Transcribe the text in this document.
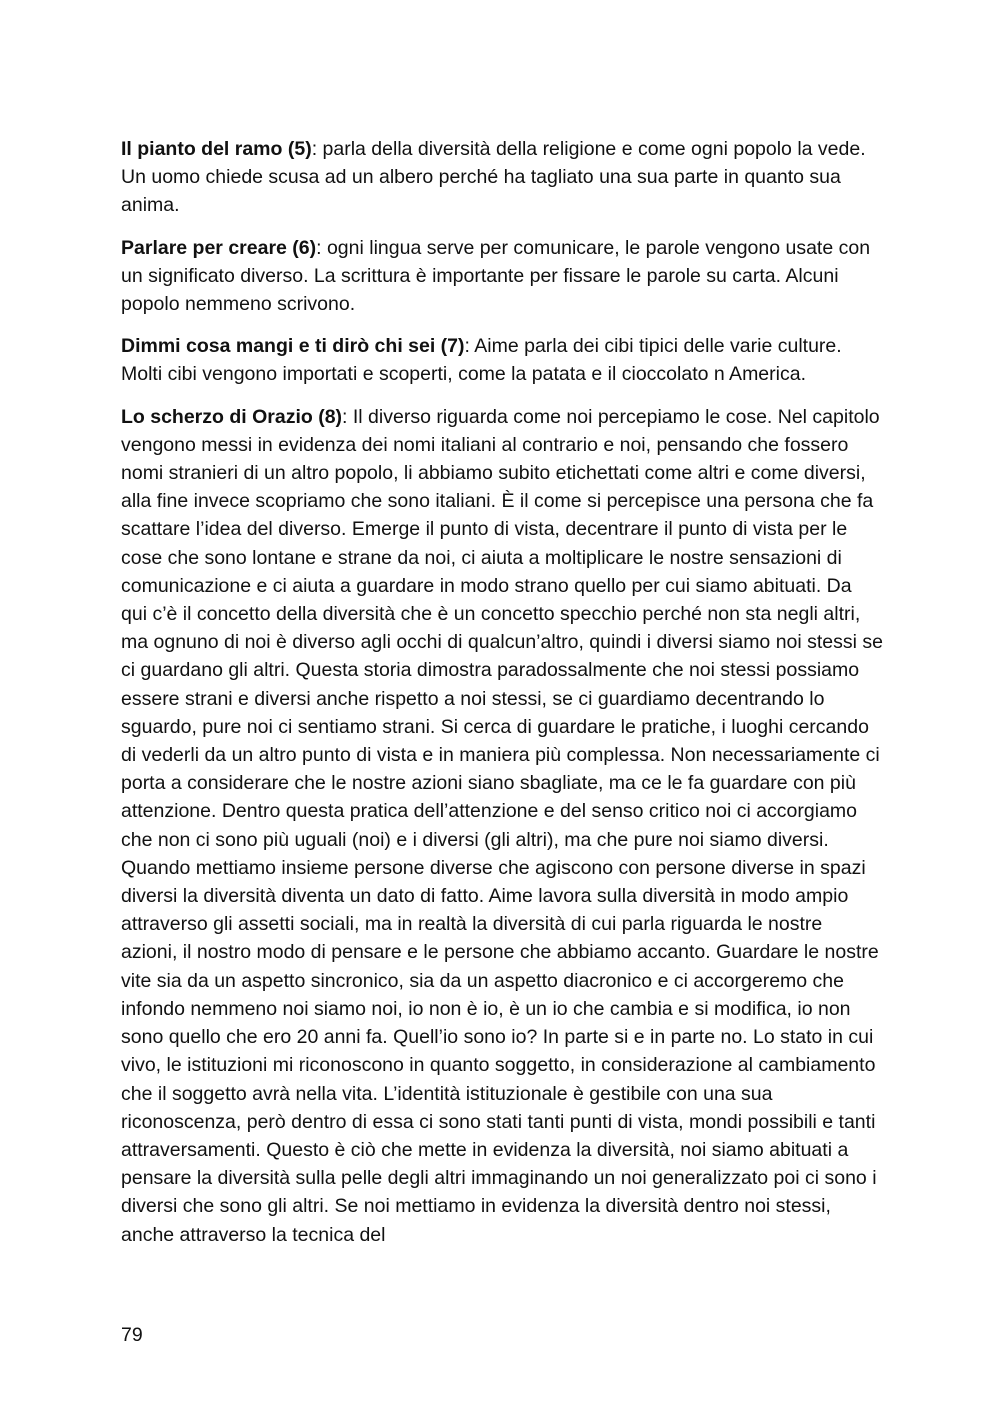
Il pianto del ramo (5): parla della diversità della religione e come ogni popolo la vede. Un uomo chiede scusa ad un albero perché ha tagliato una sua parte in quanto sua anima.

Parlare per creare (6): ogni lingua serve per comunicare, le parole vengono usate con un significato diverso. La scrittura è importante per fissare le parole su carta. Alcuni popolo nemmeno scrivono.

Dimmi cosa mangi e ti dirò chi sei (7): Aime parla dei cibi tipici delle varie culture. Molti cibi vengono importati e scoperti, come la patata e il cioccolato n America.

Lo scherzo di Orazio (8): Il diverso riguarda come noi percepiamo le cose. Nel capitolo vengono messi in evidenza dei nomi italiani al contrario e noi, pensando che fossero nomi stranieri di un altro popolo, li abbiamo subito etichettati come altri e come diversi, alla fine invece scopriamo che sono italiani. È il come si percepisce una persona che fa scattare l’idea del diverso. Emerge il punto di vista, decentrare il punto di vista per le cose che sono lontane e strane da noi, ci aiuta a moltiplicare le nostre sensazioni di comunicazione e ci aiuta a guardare in modo strano quello per cui siamo abituati. Da qui c’è il concetto della diversità che è un concetto specchio perché non sta negli altri, ma ognuno di noi è diverso agli occhi di qualcun’altro, quindi i diversi siamo noi stessi se ci guardano gli altri. Questa storia dimostra paradossalmente che noi stessi possiamo essere strani e diversi anche rispetto a noi stessi, se ci guardiamo decentrando lo sguardo, pure noi ci sentiamo strani. Si cerca di guardare le pratiche, i luoghi cercando di vederli da un altro punto di vista e in maniera più complessa. Non necessariamente ci porta a considerare che le nostre azioni siano sbagliate, ma ce le fa guardare con più attenzione. Dentro questa pratica dell’attenzione e del senso critico noi ci accorgiamo che non ci sono più uguali (noi) e i diversi (gli altri), ma che pure noi siamo diversi. Quando mettiamo insieme persone diverse che agiscono con persone diverse in spazi diversi la diversità diventa un dato di fatto. Aime lavora sulla diversità in modo ampio attraverso gli assetti sociali, ma in realtà la diversità di cui parla riguarda le nostre azioni, il nostro modo di pensare e le persone che abbiamo accanto. Guardare le nostre vite sia da un aspetto sincronico, sia da un aspetto diacronico e ci accorgeremo che infondo nemmeno noi siamo noi, io non è io, è un io che cambia e si modifica, io non sono quello che ero 20 anni fa. Quell’io sono io? In parte si e in parte no. Lo stato in cui vivo, le istituzioni mi riconoscono in quanto soggetto, in considerazione al cambiamento che il soggetto avrà nella vita. L’identità istituzionale è gestibile con una sua riconoscenza, però dentro di essa ci sono stati tanti punti di vista, mondi possibili e tanti attraversamenti. Questo è ciò che mette in evidenza la diversità, noi siamo abituati a pensare la diversità sulla pelle degli altri immaginando un noi generalizzato poi ci sono i diversi che sono gli altri. Se noi mettiamo in evidenza la diversità dentro noi stessi, anche attraverso la tecnica del

79
